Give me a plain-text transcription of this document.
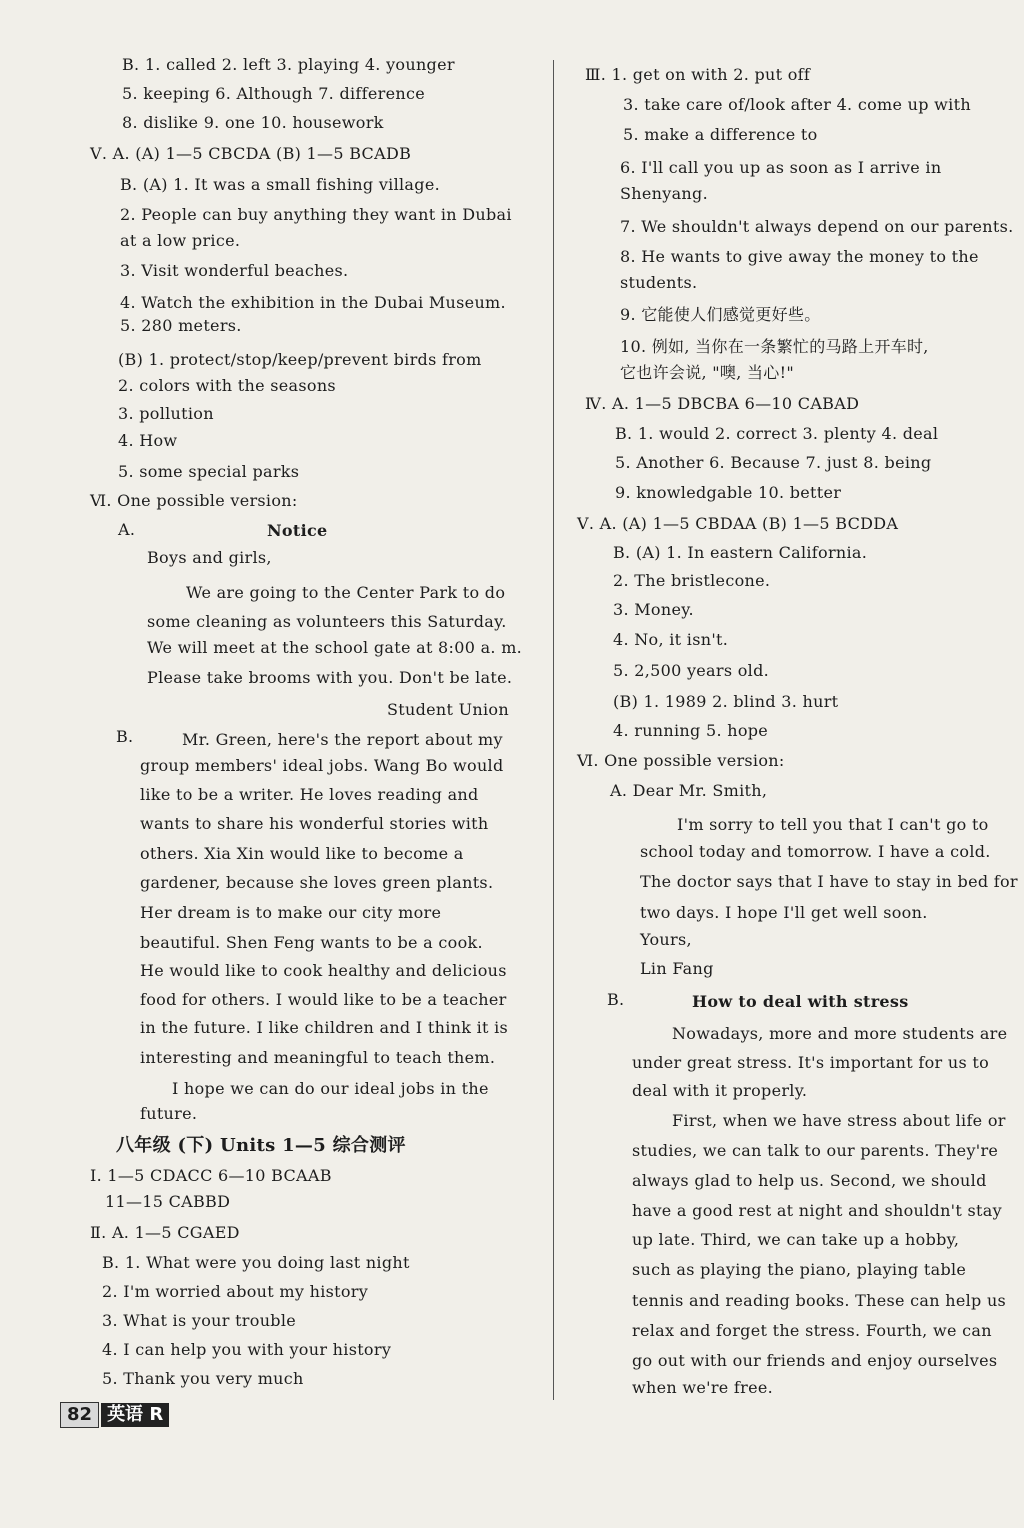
B. 1. called 2. left 3. playing 4. younger
5. keeping 6. Although 7. difference
8. dislike 9. one 10. housework
Ⅴ. A. (A) 1—5 CBCDA (B) 1—5 BCADB
B. (A) 1. It was a small fishing village.
2. People can buy anything they want in Dubai
at a low price.
3. Visit wonderful beaches.
4. Watch the exhibition in the Dubai Museum.
5. 280 meters.
(B) 1. protect/stop/keep/prevent birds from
2. colors with the seasons
3. pollution
4. How
5. some special parks
Ⅵ. One possible version:
A.	Notice
Boys and girls,
We are going to the Center Park to do
some cleaning as volunteers this Saturday.
We will meet at the school gate at 8:00 a. m.
Please take brooms with you. Don't be late.
Student Union
B.	Mr. Green, here's the report about my
group members' ideal jobs. Wang Bo would
like to be a writer. He loves reading and
wants to share his wonderful stories with
others. Xia Xin would like to become a
gardener, because she loves green plants.
Her dream is to make our city more
beautiful. Shen Feng wants to be a cook.
He would like to cook healthy and delicious
food for others. I would like to be a teacher
in the future. I like children and I think it is
interesting and meaningful to teach them.
I hope we can do our ideal jobs in the
future.
八年级 (下) Units 1—5 综合测评
Ⅰ. 1—5 CDACC 6—10 BCAAB
11—15 CABBD
Ⅱ. A. 1—5 CGAED
B. 1. What were you doing last night
2. I'm worried about my history
3. What is your trouble
4. I can help you with your history
5. Thank you very much
Ⅲ. 1. get on with 2. put off
3. take care of/look after 4. come up with
5. make a difference to
6. I'll call you up as soon as I arrive in
Shenyang.
7. We shouldn't always depend on our parents.
8. He wants to give away the money to the
students.
9. 它能使人们感觉更好些。
10. 例如, 当你在一条繁忙的马路上开车时,
它也许会说, "噢, 当心!"
Ⅳ. A. 1—5 DBCBA 6—10 CABAD
B. 1. would 2. correct 3. plenty 4. deal
5. Another 6. Because 7. just 8. being
9. knowledgable 10. better
Ⅴ. A. (A) 1—5 CBDAA (B) 1—5 BCDDA
B. (A) 1. In eastern California.
2. The bristlecone.
3. Money.
4. No, it isn't.
5. 2,500 years old.
(B) 1. 1989 2. blind 3. hurt
4. running 5. hope
Ⅵ. One possible version:
A. Dear Mr. Smith,
I'm sorry to tell you that I can't go to
school today and tomorrow. I have a cold.
The doctor says that I have to stay in bed for
two days. I hope I'll get well soon.
Yours,
Lin Fang
B.	How to deal with stress
Nowadays, more and more students are
under great stress. It's important for us to
deal with it properly.
First, when we have stress about life or
studies, we can talk to our parents. They're
always glad to help us. Second, we should
have a good rest at night and shouldn't stay
up late. Third, we can take up a hobby,
such as playing the piano, playing table
tennis and reading books. These can help us
relax and forget the stress. Fourth, we can
go out with our friends and enjoy ourselves
when we're free.
82 英语 R
